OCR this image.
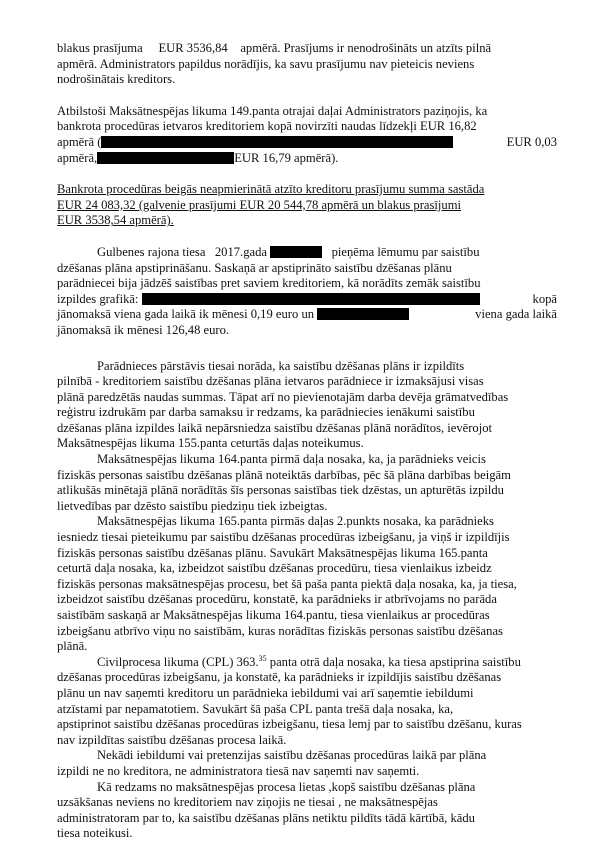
blakus prasījuma EUR 3536,84 apmērā. Prasījums ir nenodrošināts un atzīts pilnā
apmērā. Administrators papildus norādījis, ka savu prasījumu nav pieteicis neviens
nodrošinātais kreditors.
Atbilstoši Maksātnespējas likuma 149.panta otrajai daļai Administrators paziņojis, ka
bankrota procedūras ietvaros kreditoriem kopā novirzīti naudas līdzekļi EUR 16,82
apmērā (	EUR 0,03

apmērā,	EUR 16,79 apmērā).
Bankrota procedūras beigās neapmierinātā atzīto kreditoru prasījumu summa sastāda
EUR 24 083,32 (galvenie prasījumi EUR 20 544,78 apmērā un blakus prasījumi
EUR 3538,54 apmērā).
Gulbenes rajona tiesa 2017.gada	pieņēma lēmumu par saistību
dzēšanas plāna apstiprināšanu. Saskaņā ar apstiprināto saistību dzēšanas plānu
parādniecei bija jādzēš saistības pret saviem kreditoriem, kā norādīts zemāk saistību
izpildes grafikā:	kopā

jānomaksā viena gada laikā ik mēnesi 0,19 euro un	viena gada laikā

jānomaksā ik mēnesi 126,48 euro.
Parādnieces pārstāvis tiesai norāda, ka saistību dzēšanas plāns ir izpildīts
pilnībā - kreditoriem saistību dzēšanas plāna ietvaros parādniece ir izmaksājusi visas
plānā paredzētās naudas summas. Tāpat arī no pievienotajām darba devēja grāmatvedības
reģistru izdrukām par darba samaksu ir redzams, ka parādniecies ienākumi saistību
dzēšanas plāna izpildes laikā nepārsniedza saistību dzēšanas plānā norādītos, ievērojot
Maksātnespējas likuma 155.panta ceturtās daļas noteikumus.
Maksātnespējas likuma 164.panta pirmā daļa nosaka, ka, ja parādnieks veicis
fiziskās personas saistību dzēšanas plānā noteiktās darbības, pēc šā plāna darbības beigām
atlikušās minētajā plānā norādītās šīs personas saistības tiek dzēstas, un apturētās izpildu
lietvedības par dzēsto saistību piedziņu tiek izbeigtas.
Maksātnespējas likuma 165.panta pirmās daļas 2.punkts nosaka, ka parādnieks
iesniedz tiesai pieteikumu par saistību dzēšanas procedūras izbeigšanu, ja viņš ir izpildījis
fiziskās personas saistību dzēšanas plānu. Savukārt Maksātnespējas likuma 165.panta
ceturtā daļa nosaka, ka, izbeidzot saistību dzēšanas procedūru, tiesa vienlaikus izbeidz
fiziskās personas maksātnespējas procesu, bet šā paša panta piektā daļa nosaka, ka, ja tiesa,
izbeidzot saistību dzēšanas procedūru, konstatē, ka parādnieks ir atbrīvojams no parāda
saistībām saskaņā ar Maksātnespējas likuma 164.pantu, tiesa vienlaikus ar procedūras
izbeigšanu atbrīvo viņu no saistībām, kuras norādītas fiziskās personas saistību dzēšanas
plānā.
Civilprocesa likuma (CPL) 363.35 panta otrā daļa nosaka, ka tiesa apstiprina saistību
dzēšanas procedūras izbeigšanu, ja konstatē, ka parādnieks ir izpildījis saistību dzēšanas
plānu un nav saņemti kreditoru un parādnieka iebildumi vai arī saņemtie iebildumi
atzīstami par nepamatotiem. Savukārt šā paša CPL panta trešā daļa nosaka, ka,
apstiprinot saistību dzēšanas procedūras izbeigšanu, tiesa lemj par to saistību dzēšanu, kuras
nav izpildītas saistību dzēšanas procesa laikā.
Nekādi iebildumi vai pretenzijas saistību dzēšanas procedūras laikā par plāna
izpildi ne no kreditora, ne administratora tiesā nav saņemti nav saņemti.
Kā redzams no maksātnespējas procesa lietas ,kopš saistību dzēšanas plāna
uzsākšanas neviens no kreditoriem nav ziņojis ne tiesai , ne maksātnespējas
administratoram par to, ka saistību dzēšanas plāns netiktu pildīts tādā kārtībā, kādu
tiesa noteikusi.
